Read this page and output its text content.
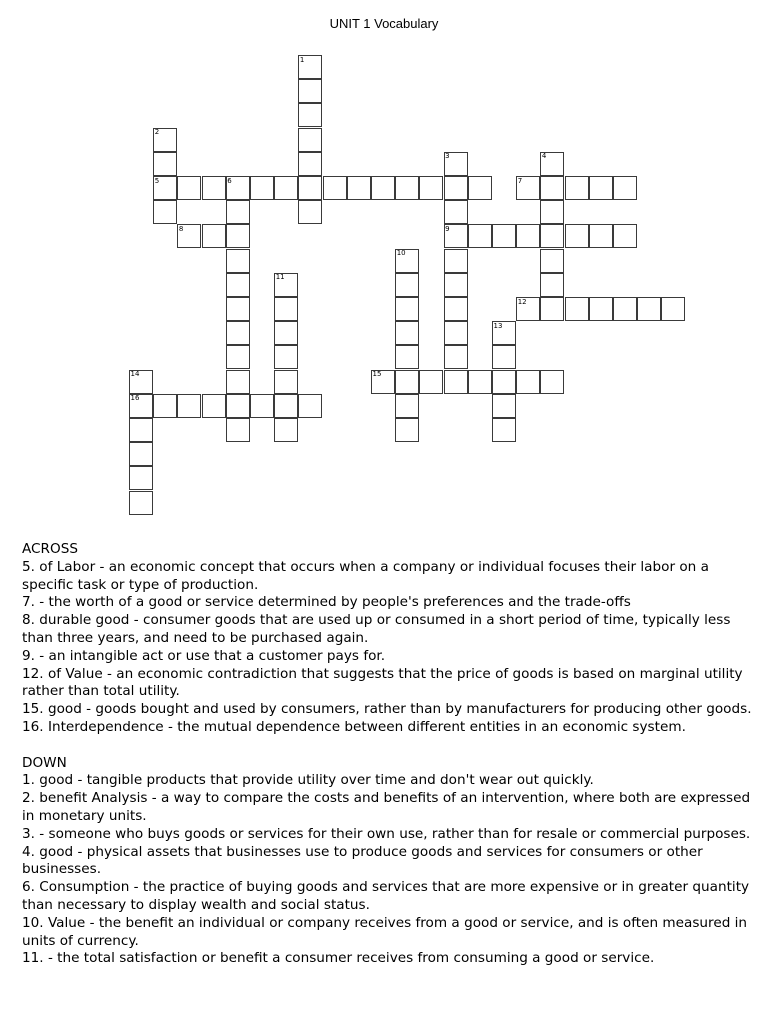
UNIT 1 Vocabulary
5	7
8	9
12
15
16
1
2
3	4
6
10
11
13
14

ACROSS

5. of Labor - an economic concept that occurs when a company or individual focuses their labor on a specific task or type of production.

7. - the worth of a good or service determined by people's preferences and the trade-offs

8. durable good - consumer goods that are used up or consumed in a short period of time, typically less than three years, and need to be purchased again.

9. - an intangible act or use that a customer pays for.

12. of Value - an economic contradiction that suggests that the price of goods is based on marginal utility rather than total utility.

15. good - goods bought and used by consumers, rather than by manufacturers for producing other goods.

16. Interdependence - the mutual dependence between different entities in an economic system.

DOWN

1. good - tangible products that provide utility over time and don't wear out quickly.

2. benefit Analysis - a way to compare the costs and benefits of an intervention, where both are expressed in monetary units.

3. - someone who buys goods or services for their own use, rather than for resale or commercial purposes.

4. good - physical assets that businesses use to produce goods and services for consumers or other businesses.

6. Consumption - the practice of buying goods and services that are more expensive or in greater quantity than necessary to display wealth and social status.

10. Value - the benefit an individual or company receives from a good or service, and is often measured in units of currency.

11. - the total satisfaction or benefit a consumer receives from consuming a good or service.
